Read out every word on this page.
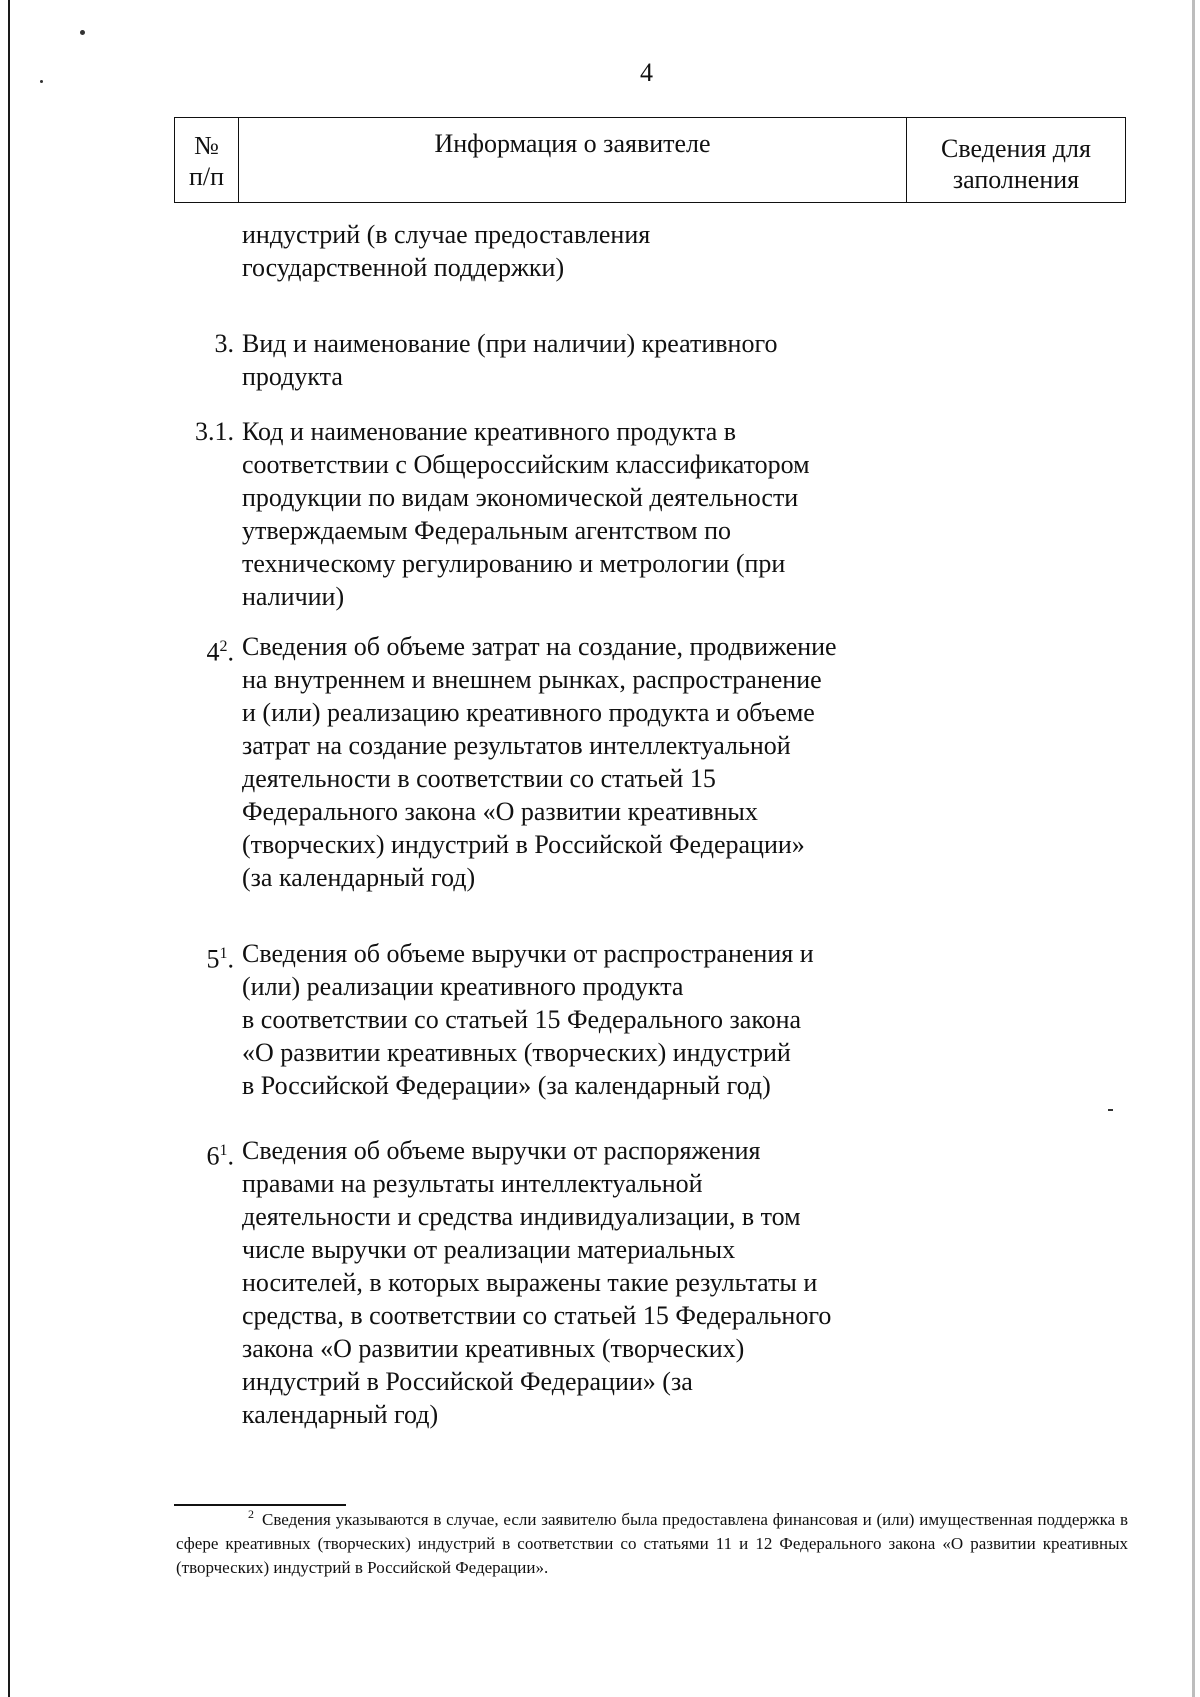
4
№
п/п
Информация о заявителе	Сведения для
заполнения
индустрий (в случае предоставления
государственной поддержки)
3. Вид и наименование (при наличии) креативного
продукта
3.1. Код и наименование креативного продукта в
соответствии с Общероссийским классификатором
продукции по видам экономической деятельности
утверждаемым Федеральным агентством по
техническому регулированию и метрологии (при
наличии)
$4^2$. Сведения об объеме затрат на создание, продвижение
на внутреннем и внешнем рынках, распространение
и (или) реализацию креативного продукта и объеме
затрат на создание результатов интеллектуальной
деятельности в соответствии со статьей 15
Федерального закона «О развитии креативных
(творческих) индустрий в Российской Федерации»
(за календарный год)
$5^1$. Сведения об объеме выручки от распространения и
(или) реализации креативного продукта
в соответствии со статьей 15 Федерального закона
«О развитии креативных (творческих) индустрий
в Российской Федерации» (за календарный год)
$6^1$. Сведения об объеме выручки от распоряжения
правами на результаты интеллектуальной
деятельности и средства индивидуализации, в том
числе выручки от реализации материальных
носителей, в которых выражены такие результаты и
средства, в соответствии со статьей 15 Федерального
закона «О развитии креативных (творческих)
индустрий в Российской Федерации» (за
календарный год)
2 Сведения указываются в случае, если заявителю была предоставлена финансовая и (или) имущественная поддержка в сфере креативных (творческих) индустрий в соответствии со статьями 11 и 12 Федерального закона «О развитии креативных (творческих) индустрий в Российской Федерации».
